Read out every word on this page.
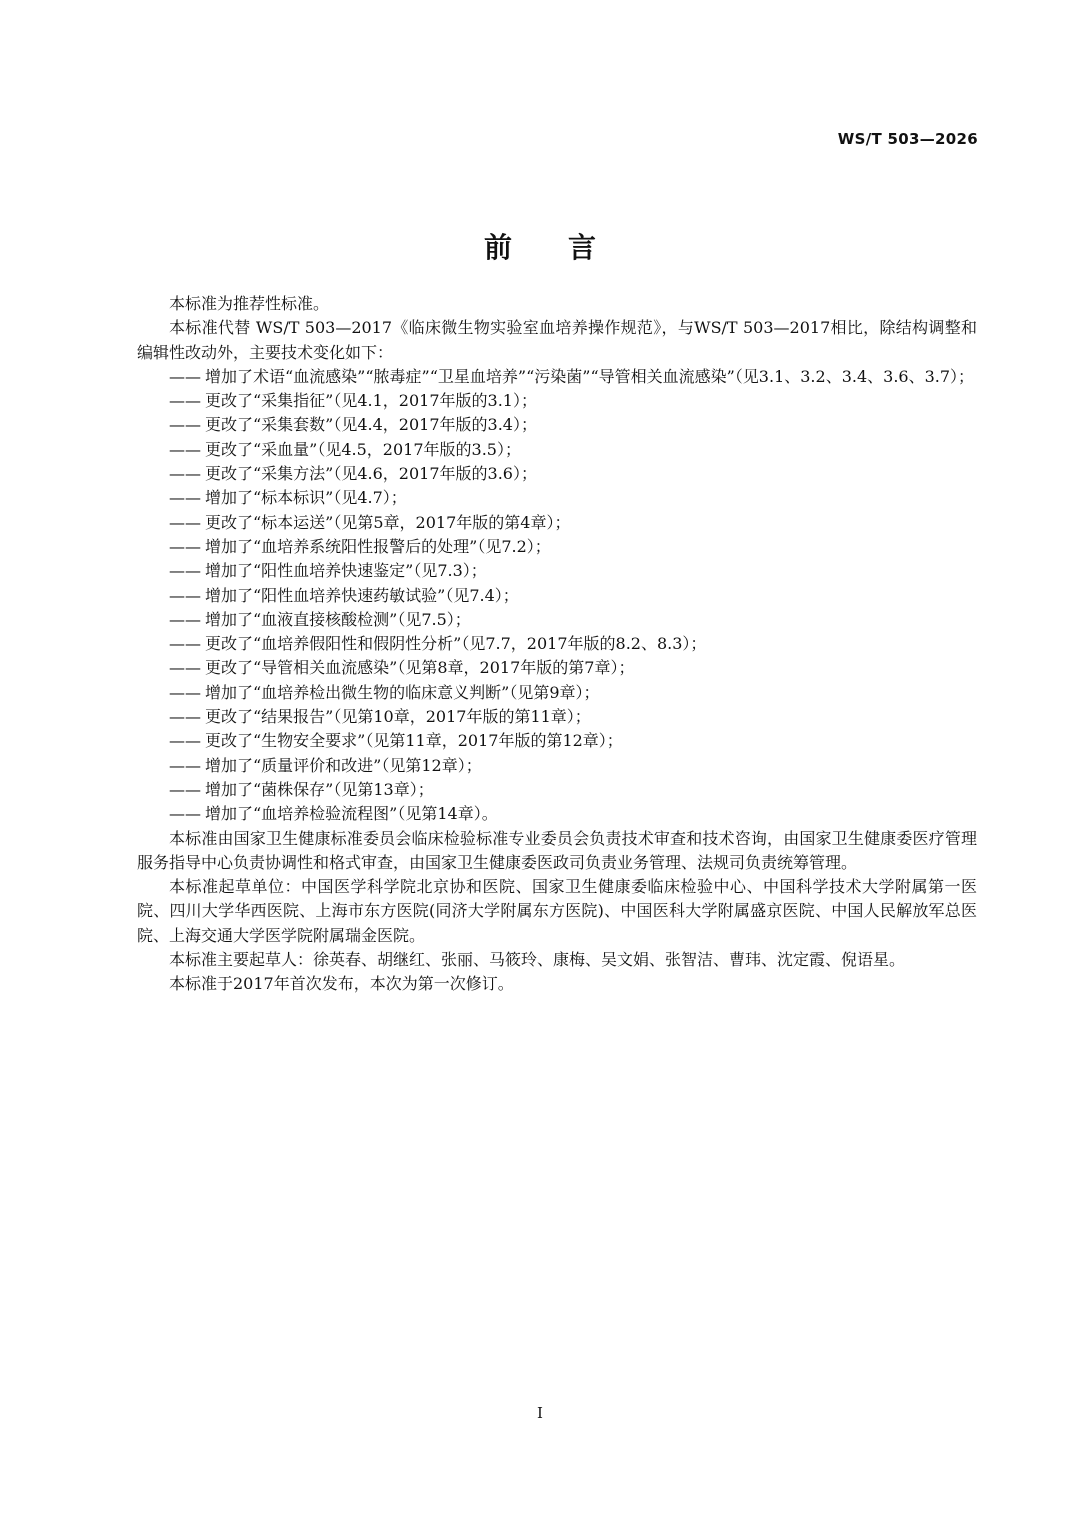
WS/T 503—2026
前　　言

本标准为推荐性标准。

本标准代替 WS/T 503—2017《临床微生物实验室血培养操作规范》，与WS/T 503—2017相比，除结构调整和编辑性改动外，主要技术变化如下：

—— 增加了术语“血流感染”“脓毒症”“卫星血培养”“污染菌”“导管相关血流感染”（见3.1、3.2、3.4、3.6、3.7）；
—— 更改了“采集指征”（见4.1，2017年版的3.1）；
—— 更改了“采集套数”（见4.4，2017年版的3.4）；
—— 更改了“采血量”（见4.5，2017年版的3.5）；
—— 更改了“采集方法”（见4.6，2017年版的3.6）；
—— 增加了“标本标识”（见4.7）；
—— 更改了“标本运送”（见第5章，2017年版的第4章）；
—— 增加了“血培养系统阳性报警后的处理”（见7.2）；
—— 增加了“阳性血培养快速鉴定”（见7.3）；
—— 增加了“阳性血培养快速药敏试验”（见7.4）；
—— 增加了“血液直接核酸检测”（见7.5）；
—— 更改了“血培养假阳性和假阴性分析”（见7.7，2017年版的8.2、8.3）；
—— 更改了“导管相关血流感染”（见第8章，2017年版的第7章）；
—— 增加了“血培养检出微生物的临床意义判断”（见第9章）；
—— 更改了“结果报告”（见第10章，2017年版的第11章）；
—— 更改了“生物安全要求”（见第11章，2017年版的第12章）；
—— 增加了“质量评价和改进”（见第12章）；
—— 增加了“菌株保存”（见第13章）；
—— 增加了“血培养检验流程图”（见第14章）。

本标准由国家卫生健康标准委员会临床检验标准专业委员会负责技术审查和技术咨询，由国家卫生健康委医疗管理服务指导中心负责协调性和格式审查，由国家卫生健康委医政司负责业务管理、法规司负责统筹管理。

本标准起草单位：中国医学科学院北京协和医院、国家卫生健康委临床检验中心、中国科学技术大学附属第一医院、四川大学华西医院、上海市东方医院(同济大学附属东方医院)、中国医科大学附属盛京医院、中国人民解放军总医院、上海交通大学医学院附属瑞金医院。

本标准主要起草人：徐英春、胡继红、张丽、马筱玲、康梅、吴文娟、张智洁、曹玮、沈定霞、倪语星。

本标准于2017年首次发布，本次为第一次修订。

I
